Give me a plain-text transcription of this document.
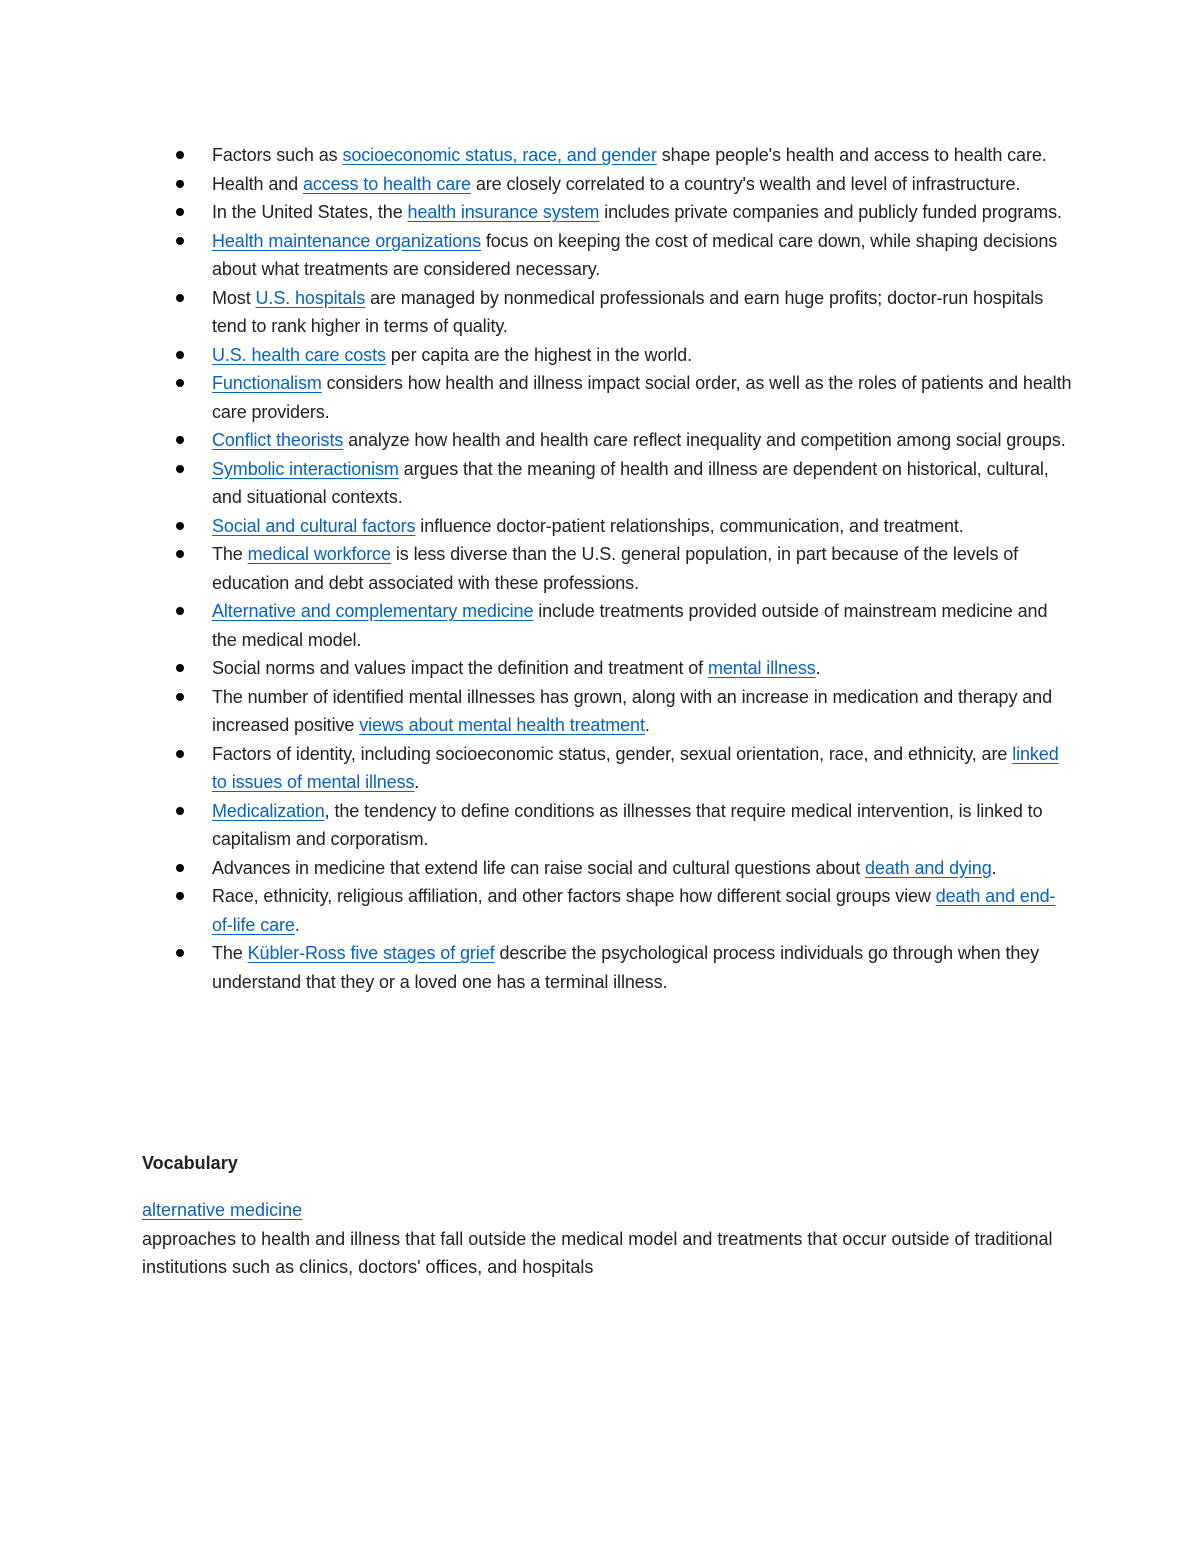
Factors such as socioeconomic status, race, and gender shape people's health and access to health care.
Health and access to health care are closely correlated to a country's wealth and level of infrastructure.
In the United States, the health insurance system includes private companies and publicly funded programs.
Health maintenance organizations focus on keeping the cost of medical care down, while shaping decisions about what treatments are considered necessary.
Most U.S. hospitals are managed by nonmedical professionals and earn huge profits; doctor-run hospitals tend to rank higher in terms of quality.
U.S. health care costs per capita are the highest in the world.
Functionalism considers how health and illness impact social order, as well as the roles of patients and health care providers.
Conflict theorists analyze how health and health care reflect inequality and competition among social groups.
Symbolic interactionism argues that the meaning of health and illness are dependent on historical, cultural, and situational contexts.
Social and cultural factors influence doctor-patient relationships, communication, and treatment.
The medical workforce is less diverse than the U.S. general population, in part because of the levels of education and debt associated with these professions.
Alternative and complementary medicine include treatments provided outside of mainstream medicine and the medical model.
Social norms and values impact the definition and treatment of mental illness.
The number of identified mental illnesses has grown, along with an increase in medication and therapy and increased positive views about mental health treatment.
Factors of identity, including socioeconomic status, gender, sexual orientation, race, and ethnicity, are linked to issues of mental illness.
Medicalization, the tendency to define conditions as illnesses that require medical intervention, is linked to capitalism and corporatism.
Advances in medicine that extend life can raise social and cultural questions about death and dying.
Race, ethnicity, religious affiliation, and other factors shape how different social groups view death and end-of-life care.
The Kübler-Ross five stages of grief describe the psychological process individuals go through when they understand that they or a loved one has a terminal illness.
Vocabulary
alternative medicine
approaches to health and illness that fall outside the medical model and treatments that occur outside of traditional institutions such as clinics, doctors' offices, and hospitals
